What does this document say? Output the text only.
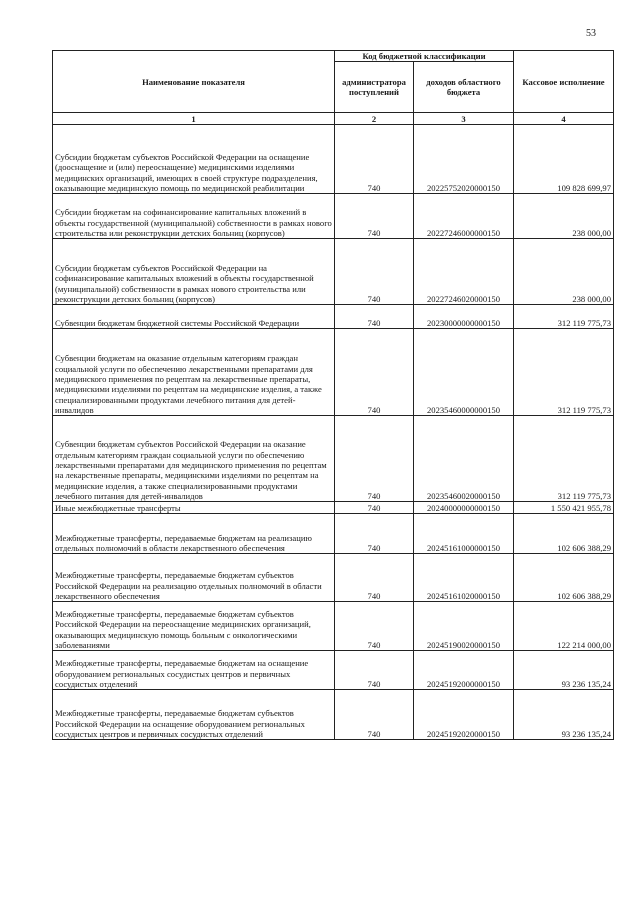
53
Наименование показателя	Код бюджетной классификации		Кассовое исполнение
	администратора поступлений	доходов областного бюджета	
1	2	3	4
Субсидии бюджетам субъектов Российской Федерации на оснащение (дооснащение и (или) переоснащение) медицинскими изделиями медицинских организаций, имеющих в своей структуре подразделения, оказывающие медицинскую помощь по медицинской реабилитации	740	20225752020000150	109 828 699,97
Субсидии бюджетам на софинансирование капитальных вложений в объекты государственной (муниципальной) собственности в рамках нового строительства или реконструкции детских больниц (корпусов)	740	20227246000000150	238 000,00
Субсидии бюджетам субъектов Российской Федерации на софинансирование капитальных вложений в объекты государственной (муниципальной) собственности в рамках нового строительства или реконструкции детских больниц (корпусов)	740	20227246020000150	238 000,00
Субвенции бюджетам бюджетной системы Российской Федерации	740	20230000000000150	312 119 775,73
Субвенции бюджетам на оказание отдельным категориям граждан социальной услуги по обеспечению лекарственными препаратами для медицинского применения по рецептам на лекарственные препараты, медицинскими изделиями по рецептам на медицинские изделия, а также специализированными продуктами лечебного питания для детей-инвалидов	740	20235460000000150	312 119 775,73
Субвенции бюджетам субъектов Российской Федерации на оказание отдельным категориям граждан социальной услуги по обеспечению лекарственными препаратами для медицинского применения по рецептам на лекарственные препараты, медицинскими изделиями по рецептам на медицинские изделия, а также специализированными продуктами лечебного питания для детей-инвалидов	740	20235460020000150	312 119 775,73
Иные межбюджетные трансферты	740	20240000000000150	1 550 421 955,78
Межбюджетные трансферты, передаваемые бюджетам на реализацию отдельных полномочий в области лекарственного обеспечения	740	20245161000000150	102 606 388,29
Межбюджетные трансферты, передаваемые бюджетам субъектов Российской Федерации на реализацию отдельных полномочий в области лекарственного обеспечения	740	20245161020000150	102 606 388,29
Межбюджетные трансферты, передаваемые бюджетам субъектов Российской Федерации на переоснащение медицинских организаций, оказывающих медицинскую помощь больным с онкологическими заболеваниями	740	20245190020000150	122 214 000,00
Межбюджетные трансферты, передаваемые бюджетам на оснащение оборудованием региональных сосудистых центров и первичных сосудистых отделений	740	20245192000000150	93 236 135,24
Межбюджетные трансферты, передаваемые бюджетам субъектов Российской Федерации на оснащение оборудованием региональных сосудистых центров и первичных сосудистых отделений	740	20245192020000150	93 236 135,24
